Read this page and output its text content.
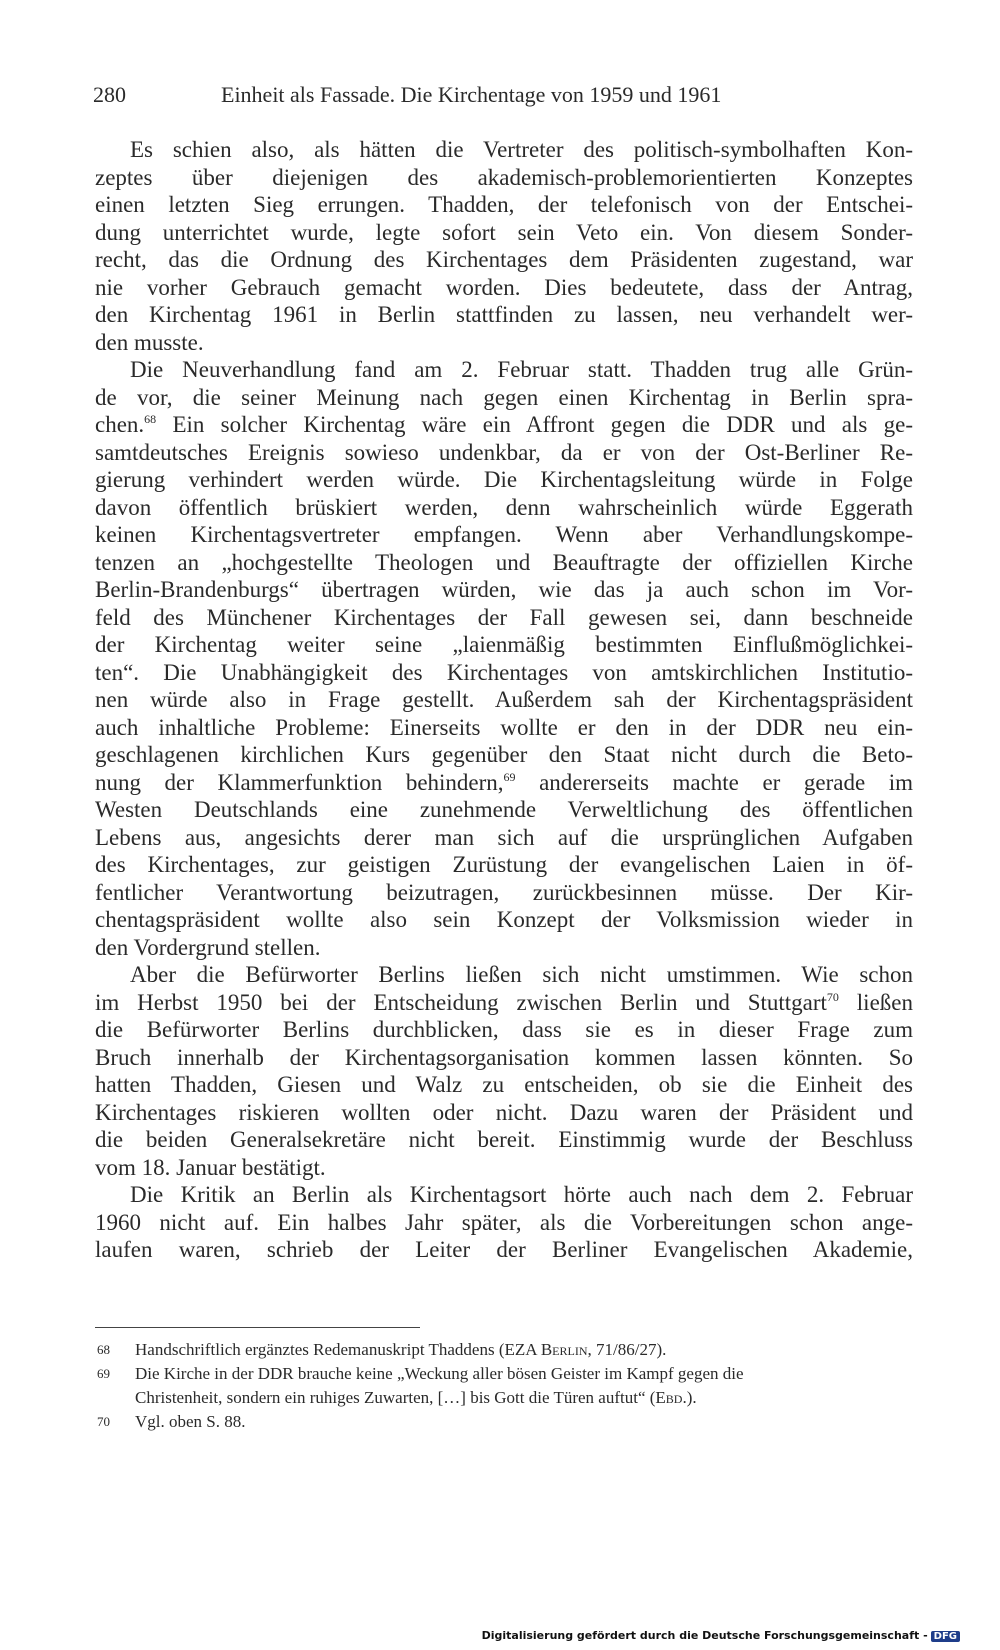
280	Einheit als Fassade. Die Kirchentage von 1959 und 1961
Es schien also, als hätten die Vertreter des politisch-symbolhaften Kon-
zeptes über diejenigen des akademisch-problemorientierten Konzeptes
einen letzten Sieg errungen. Thadden, der telefonisch von der Entschei-
dung unterrichtet wurde, legte sofort sein Veto ein. Von diesem Sonder-
recht, das die Ordnung des Kirchentages dem Präsidenten zugestand, war
nie vorher Gebrauch gemacht worden. Dies bedeutete, dass der Antrag,
den Kirchentag 1961 in Berlin stattfinden zu lassen, neu verhandelt wer-
den musste.
Die Neuverhandlung fand am 2. Februar statt. Thadden trug alle Grün-
de vor, die seiner Meinung nach gegen einen Kirchentag in Berlin spra-
chen.$^{68}$ Ein solcher Kirchentag wäre ein Affront gegen die DDR und als ge-
samtdeutsches Ereignis sowieso undenkbar, da er von der Ost-Berliner Re-
gierung verhindert werden würde. Die Kirchentagsleitung würde in Folge
davon öffentlich brüskiert werden, denn wahrscheinlich würde Eggerath
keinen Kirchentagsvertreter empfangen. Wenn aber Verhandlungskompe-
tenzen an „hochgestellte Theologen und Beauftragte der offiziellen Kirche
Berlin-Brandenburgs“ übertragen würden, wie das ja auch schon im Vor-
feld des Münchener Kirchentages der Fall gewesen sei, dann beschneide
der Kirchentag weiter seine „laienmäßig bestimmten Einflußmöglichkei-
ten“. Die Unabhängigkeit des Kirchentages von amtskirchlichen Institutio-
nen würde also in Frage gestellt. Außerdem sah der Kirchentagspräsident
auch inhaltliche Probleme: Einerseits wollte er den in der DDR neu ein-
geschlagenen kirchlichen Kurs gegenüber den Staat nicht durch die Beto-
nung der Klammerfunktion behindern,$^{69}$ andererseits machte er gerade im
Westen Deutschlands eine zunehmende Verweltlichung des öffentlichen
Lebens aus, angesichts derer man sich auf die ursprünglichen Aufgaben
des Kirchentages, zur geistigen Zurüstung der evangelischen Laien in öf-
fentlicher Verantwortung beizutragen, zurückbesinnen müsse. Der Kir-
chentagspräsident wollte also sein Konzept der Volksmission wieder in
den Vordergrund stellen.
Aber die Befürworter Berlins ließen sich nicht umstimmen. Wie schon
im Herbst 1950 bei der Entscheidung zwischen Berlin und Stuttgart$^{70}$ ließen
die Befürworter Berlins durchblicken, dass sie es in dieser Frage zum
Bruch innerhalb der Kirchentagsorganisation kommen lassen könnten. So
hatten Thadden, Giesen und Walz zu entscheiden, ob sie die Einheit des
Kirchentages riskieren wollten oder nicht. Dazu waren der Präsident und
die beiden Generalsekretäre nicht bereit. Einstimmig wurde der Beschluss
vom 18. Januar bestätigt.
Die Kritik an Berlin als Kirchentagsort hörte auch nach dem 2. Februar
1960 nicht auf. Ein halbes Jahr später, als die Vorbereitungen schon ange-
laufen waren, schrieb der Leiter der Berliner Evangelischen Akademie,
68 Handschriftlich ergänztes Redemanuskript Thaddens (EZA Berlin, 71/86/27).
69 Die Kirche in der DDR brauche keine „Weckung aller bösen Geister im Kampf gegen die
Christenheit, sondern ein ruhiges Zuwarten, […] bis Gott die Türen auftut“ (Ebd.).
70 Vgl. oben S. 88.
Digitalisierung gefördert durch die Deutsche Forschungsgemeinschaft - DFG
